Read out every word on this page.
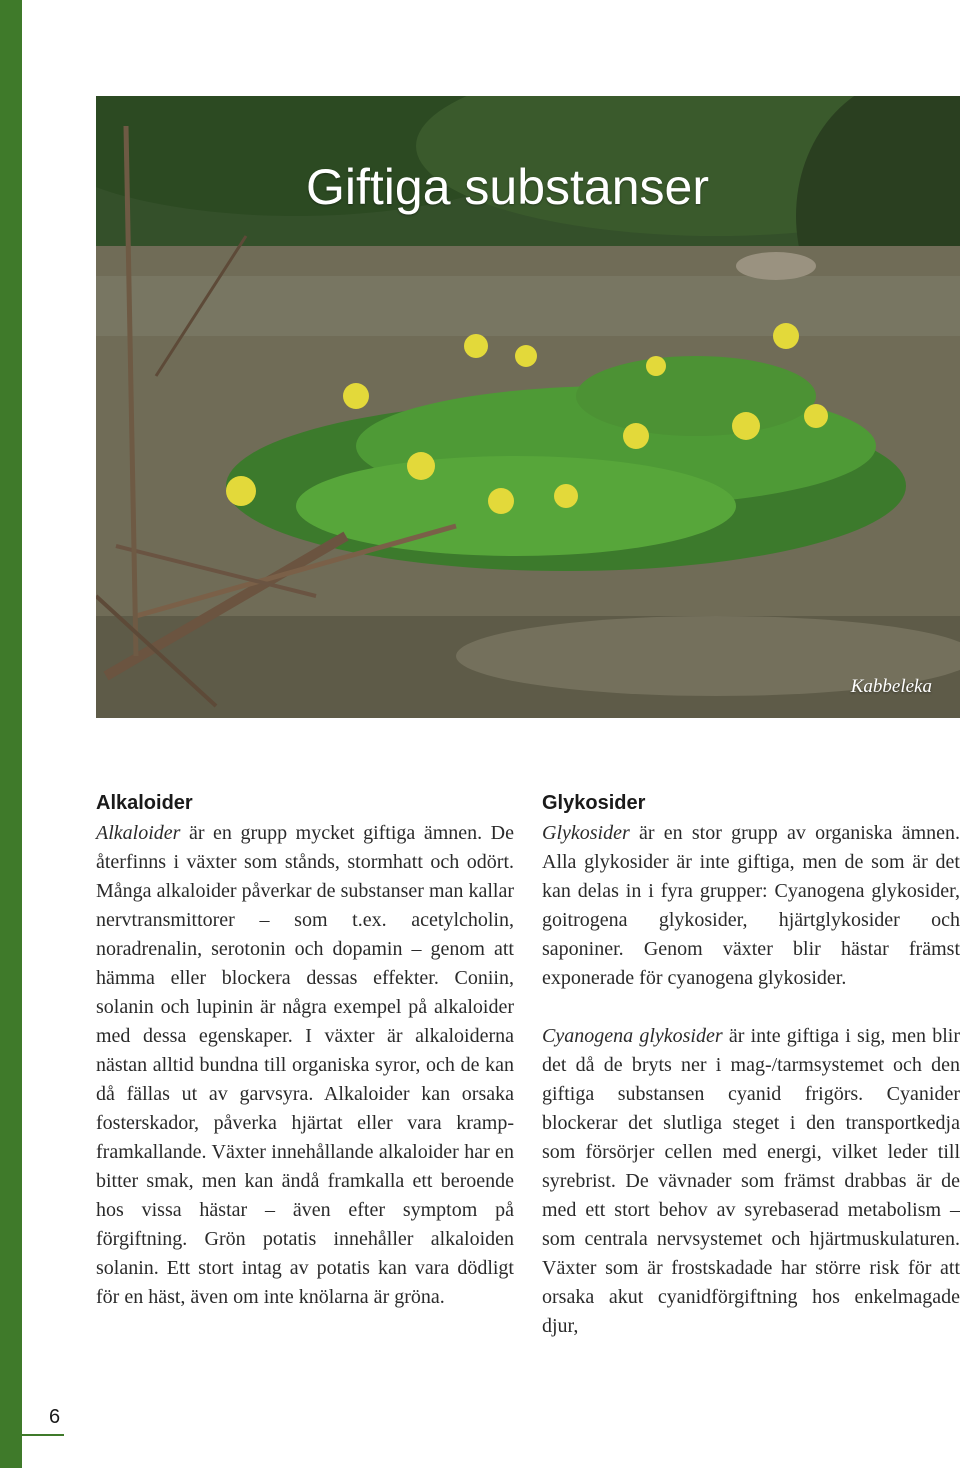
Giftiga substanser
Kabbeleka
Alkaloider

Alkaloider är en grupp mycket giftiga ämnen. De återfinns i växter som stånds, stormhatt och odört. Många alkaloider påverkar de substanser man kallar nervtransmittorer – som t.ex. acetylcholin, noradrenalin, serotonin och dopamin – genom att hämma eller blockera dessas effekter. Coniin, solanin och lupinin är några exempel på alkaloider med dessa egenskaper. I växter är alkaloiderna nästan alltid bundna till organiska syror, och de kan då fällas ut av garvsyra. Alkaloider kan orsaka fosterskador, påverka hjärtat eller vara krampframkallande. Växter innehållande alkaloider har en bitter smak, men kan ändå framkalla ett beroende hos vissa hästar – även efter symptom på förgiftning. Grön potatis innehåller alkaloiden solanin. Ett stort intag av potatis kan vara dödligt för en häst, även om inte knölarna är gröna.

Glykosider

Glykosider är en stor grupp av organiska ämnen. Alla glykosider är inte giftiga, men de som är det kan delas in i fyra grupper: Cyanogena glykosider, goitrogena glykosider, hjärtglykosider och saponiner. Genom växter blir hästar främst exponerade för cyanogena glykosider.

Cyanogena glykosider är inte giftiga i sig, men blir det då de bryts ner i mag-/tarmsystemet och den giftiga substansen cyanid frigörs. Cyanider blockerar det slutliga steget i den transportkedja som försörjer cellen med energi, vilket leder till syrebrist. De vävnader som främst drabbas är de med ett stort behov av syrebaserad metabolism – som centrala nervsystemet och hjärtmuskulaturen. Växter som är frostskadade har större risk för att orsaka akut cyanidförgiftning hos enkelmagade djur,

6
